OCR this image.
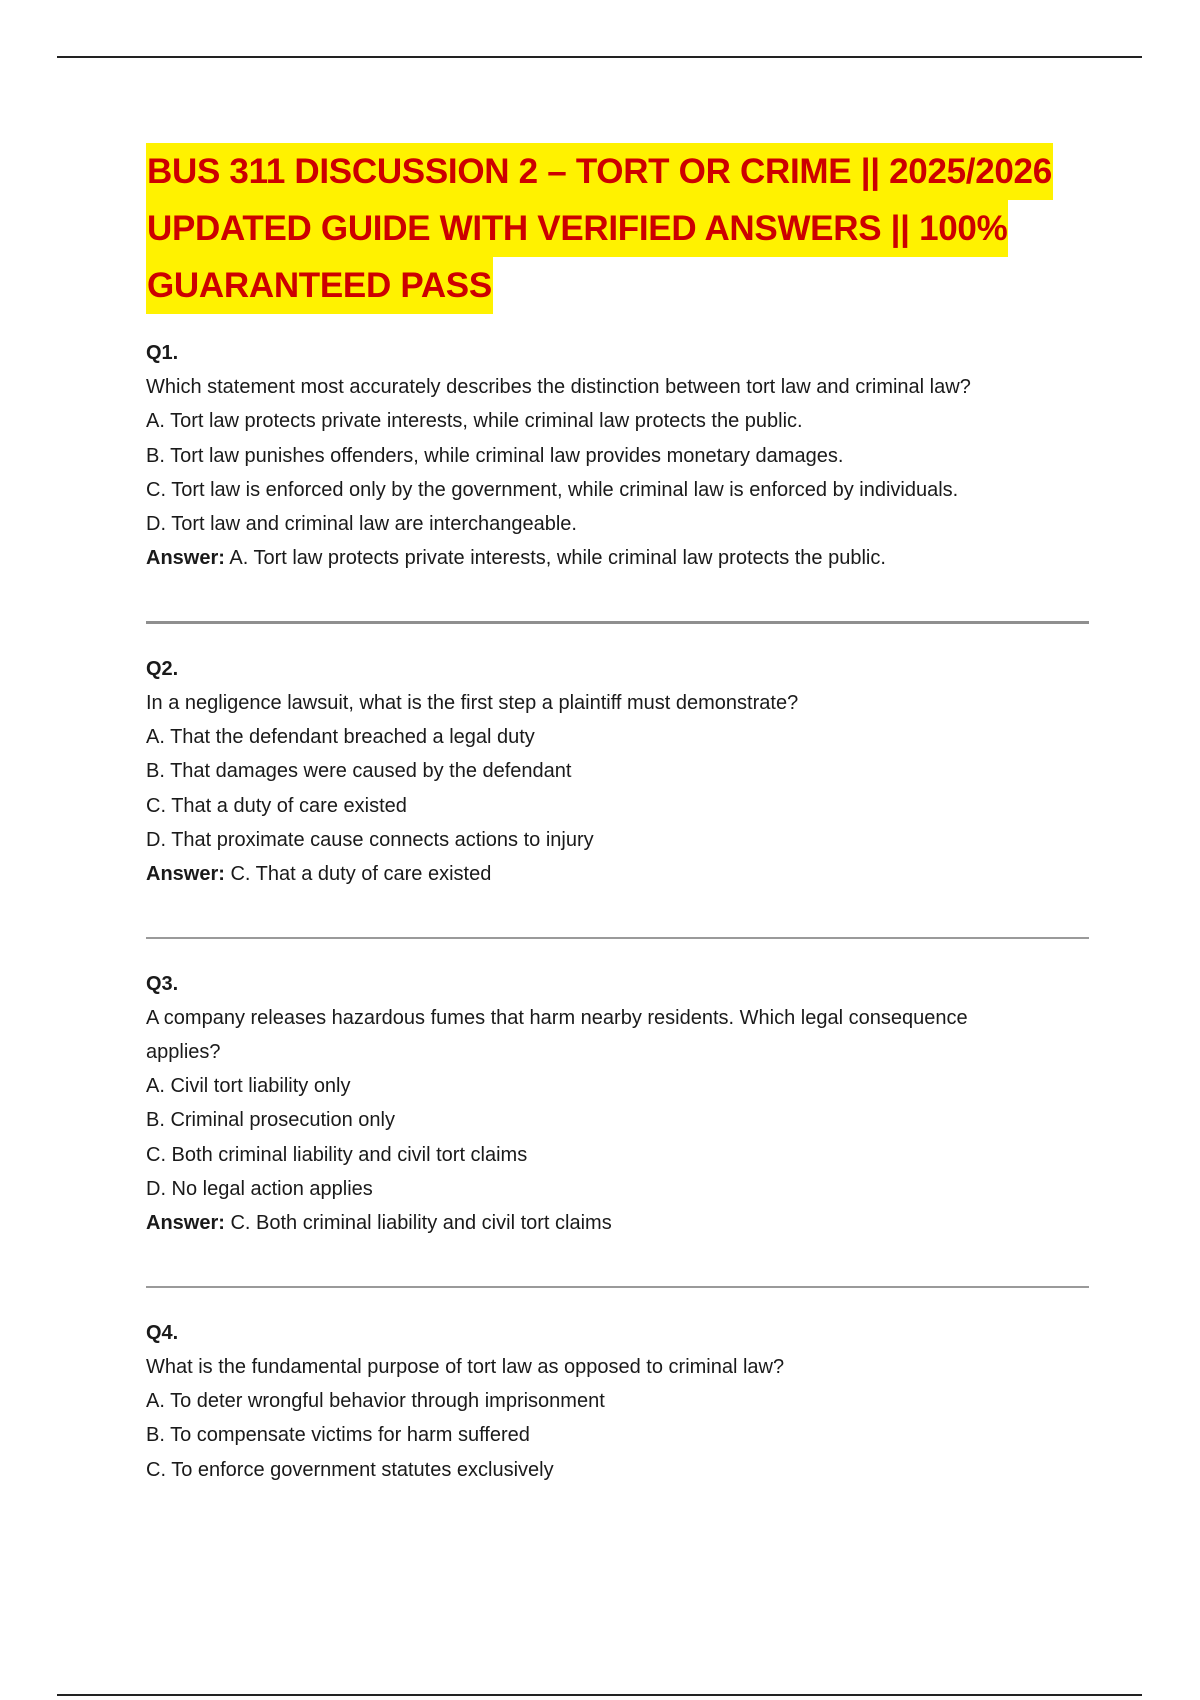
BUS 311 DISCUSSION 2 – TORT OR CRIME || 2025/2026
UPDATED GUIDE WITH VERIFIED ANSWERS || 100%
GUARANTEED PASS

Q1.

Which statement most accurately describes the distinction between tort law and criminal law?

A. Tort law protects private interests, while criminal law protects the public.

B. Tort law punishes offenders, while criminal law provides monetary damages.

C. Tort law is enforced only by the government, while criminal law is enforced by individuals.

D. Tort law and criminal law are interchangeable.

Answer: A. Tort law protects private interests, while criminal law protects the public.

Q2.

In a negligence lawsuit, what is the first step a plaintiff must demonstrate?

A. That the defendant breached a legal duty

B. That damages were caused by the defendant

C. That a duty of care existed

D. That proximate cause connects actions to injury

Answer: C. That a duty of care existed

Q3.

A company releases hazardous fumes that harm nearby residents. Which legal consequence

applies?

A. Civil tort liability only

B. Criminal prosecution only

C. Both criminal liability and civil tort claims

D. No legal action applies

Answer: C. Both criminal liability and civil tort claims

Q4.

What is the fundamental purpose of tort law as opposed to criminal law?

A. To deter wrongful behavior through imprisonment

B. To compensate victims for harm suffered

C. To enforce government statutes exclusively
